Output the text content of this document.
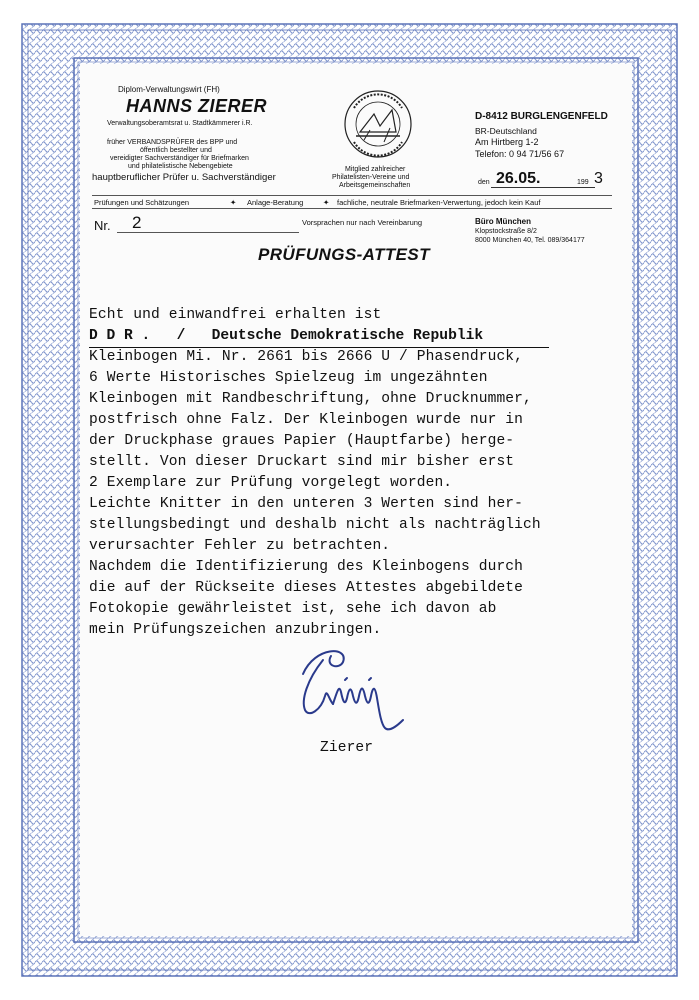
Diplom-Verwaltungswirt (FH)
HANNS ZIERER
Verwaltungsoberamtsrat u. Stadtkämmerer i.R.
früher VERBANDSPRÜFER des BPP und
öffentlich bestellter und
vereidigter Sachverständiger für Briefmarken
und philatelistische Nebengebiete
hauptberuflicher Prüfer u. Sachverständiger
Mitglied zahlreicher
Philatelisten-Vereine und
Arbeitsgemeinschaften
D-8412 BURGLENGENFELD
BR-Deutschland
Am Hirtberg 1-2
Telefon: 0 94 71/56 67
den 26.05.	199 3
Prüfungen und Schätzungen	✦ Anlage-Beratung	✦ fachliche, neutrale Briefmarken-Verwertung, jedoch kein Kauf
Nr. 2	Vorsprachen nur nach Vereinbarung	Büro München
Klopstockstraße 8/2
8000 München 40, Tel. 089/364177
PRÜFUNGS-ATTEST
Echt und einwandfrei erhalten ist
D D R .   /   Deutsche Demokratische Republik
Kleinbogen Mi. Nr. 2661 bis 2666 U / Phasendruck,
6 Werte Historisches Spielzeug im ungezähnten
Kleinbogen mit Randbeschriftung, ohne Drucknummer,
postfrisch ohne Falz. Der Kleinbogen wurde nur in
der Druckphase graues Papier (Hauptfarbe) herge-
stellt. Von dieser Druckart sind mir bisher erst
2 Exemplare zur Prüfung vorgelegt worden.
Leichte Knitter in den unteren 3 Werten sind her-
stellungsbedingt und deshalb nicht als nachträglich
verursachter Fehler zu betrachten.
Nachdem die Identifizierung des Kleinbogens durch
die auf der Rückseite dieses Attestes abgebildete
Fotokopie gewährleistet ist, sehe ich davon ab
mein Prüfungszeichen anzubringen.
Zierer
